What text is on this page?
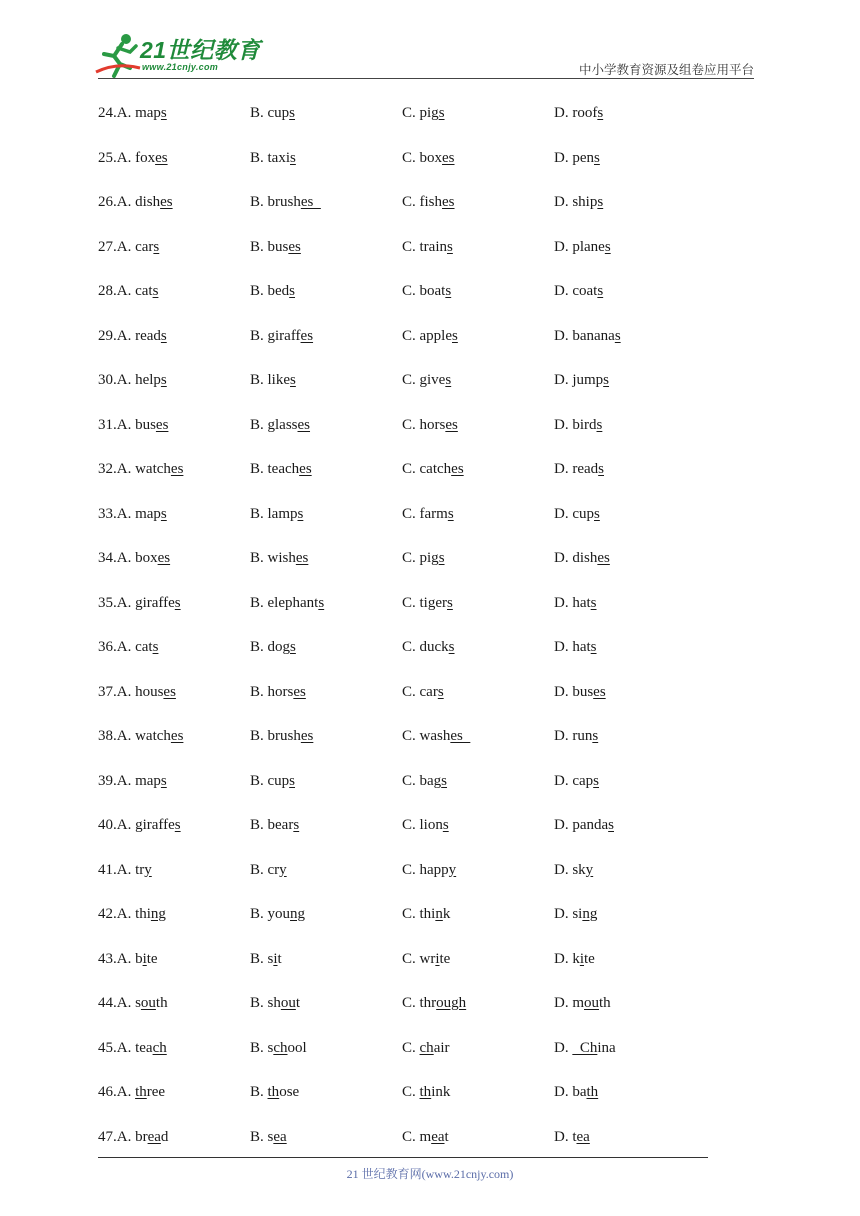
21世纪教育
www.21cnjy.com	中小学教育资源及组卷应用平台
24.A. maps	B. cups	C. pigs	D. roofs
25.A. foxes	B. taxis	C. boxes	D. pens
26.A. dishes	B. brushes	C. fishes	D. ships
27.A. cars	B. buses	C. trains	D. planes
28.A. cats	B. beds	C. boats	D. coats
29.A. reads	B. giraffes	C. apples	D. bananas
30.A. helps	B. likes	C. gives	D. jumps
31.A. buses	B. glasses	C. horses	D. birds
32.A. watches	B. teaches	C. catches	D. reads
33.A. maps	B. lamps	C. farms	D. cups
34.A. boxes	B. wishes	C. pigs	D. dishes
35.A. giraffes	B. elephants	C. tigers	D. hats
36.A. cats	B. dogs	C. ducks	D. hats
37.A. houses	B. horses	C. cars	D. buses
38.A. watches	B. brushes	C. washes	D. runs
39.A. maps	B. cups	C. bags	D. caps
40.A. giraffes	B. bears	C. lions	D. pandas
41.A. try	B. cry	C. happy	D. sky
42.A. thing	B. young	C. think	D. sing
43.A. bite	B. sit	C. write	D. kite
44.A. south	B. shout	C. through	D. mouth
45.A. teach	B. school	C. chair	D.   China
46.A. three	B. those	C. think	D. bath
47.A. bread	B. sea	C. meat	D. tea
21 世纪教育网(www.21cnjy.com)
